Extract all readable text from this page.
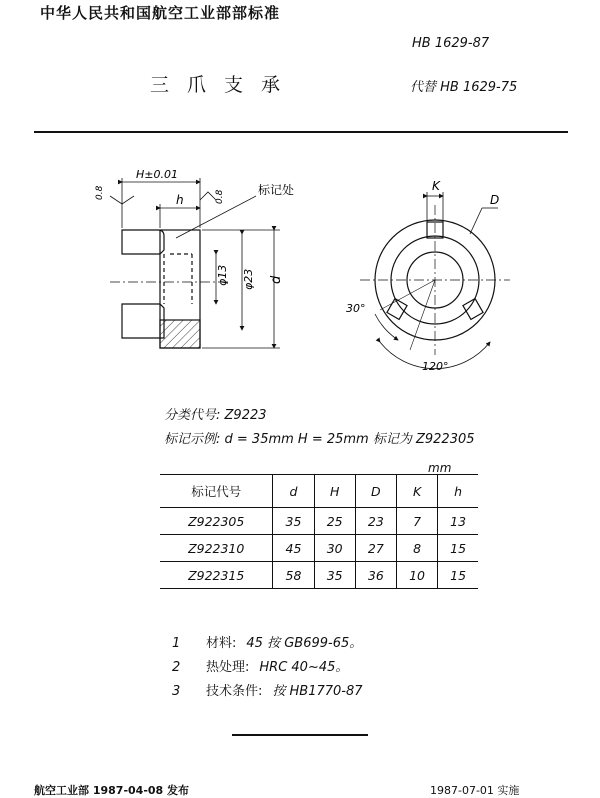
中华人民共和国航空工业部部标准
HB 1629-87
三爪支承	代替 HB 1629-75
H±0.01
0.8	0.8
h
标记处
φ13 φ23 d
K
D
30°
120°
分类代号: Z9223
标记示例: d = 35mm H = 25mm 标记为 Z922305
mm
标记代号	d	H	D	K	h
Z922305	35	25	23	7	13
Z922310	45	30	27	8	15
Z922315	58	35	36	10	15
1 材料: 45 按 GB699-65。
2 热处理: HRC 40~45。
3 技术条件: 按 HB1770-87
航空工业部 1987-04-08 发布	1987-07-01 实施
